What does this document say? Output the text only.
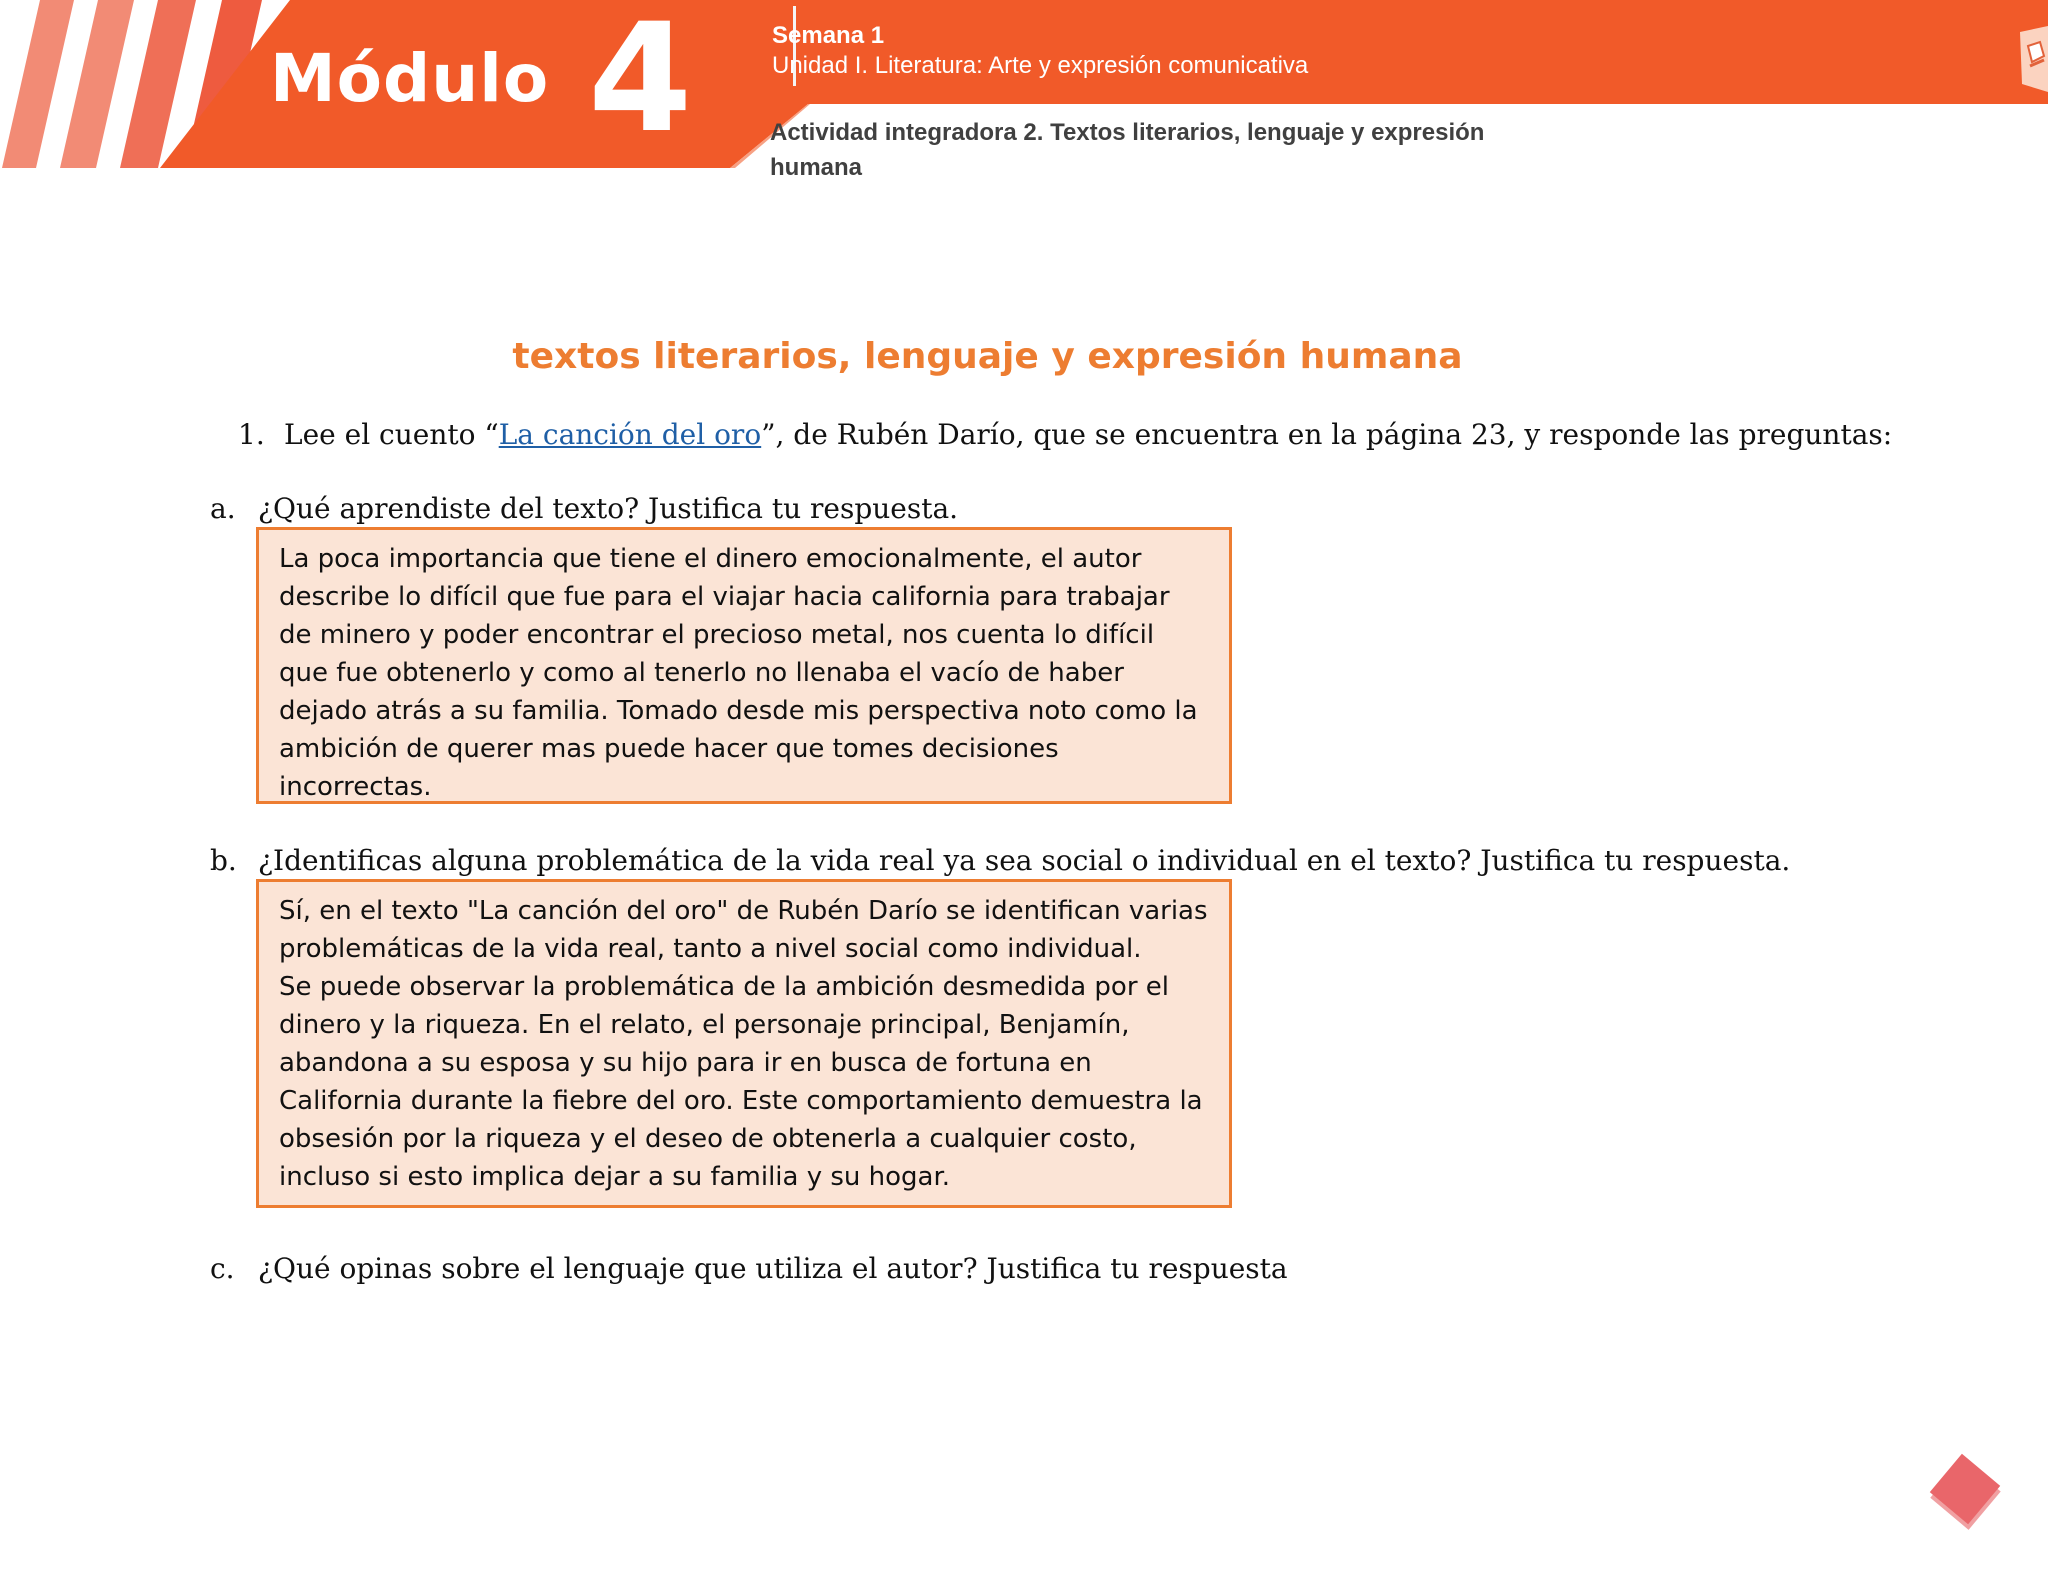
Módulo 4	Semana 1
Unidad I. Literatura: Arte y expresión comunicativa
Actividad integradora 2. Textos literarios, lenguaje y expresión humana
textos literarios, lenguaje y expresión humana
1. Lee el cuento “La canción del oro”, de Rubén Darío, que se encuentra en la página 23, y responde las preguntas:
a. ¿Qué aprendiste del texto? Justifica tu respuesta.

La poca importancia que tiene el dinero emocionalmente, el autor describe lo difícil que fue para el viajar hacia california para trabajar de minero y poder encontrar el precioso metal, nos cuenta lo difícil que fue obtenerlo y como al tenerlo no llenaba el vacío de haber dejado atrás a su familia. Tomado desde mis perspectiva noto como la ambición de querer mas puede hacer que tomes decisiones incorrectas.

b. ¿Identificas alguna problemática de la vida real ya sea social o individual en el texto? Justifica tu respuesta.

Sí, en el texto "La canción del oro" de Rubén Darío se identifican varias problemáticas de la vida real, tanto a nivel social como individual.

Se puede observar la problemática de la ambición desmedida por el dinero y la riqueza. En el relato, el personaje principal, Benjamín, abandona a su esposa y su hijo para ir en busca de fortuna en California durante la fiebre del oro. Este comportamiento demuestra la obsesión por la riqueza y el deseo de obtenerla a cualquier costo, incluso si esto implica dejar a su familia y su hogar.

c. ¿Qué opinas sobre el lenguaje que utiliza el autor? Justifica tu respuesta
